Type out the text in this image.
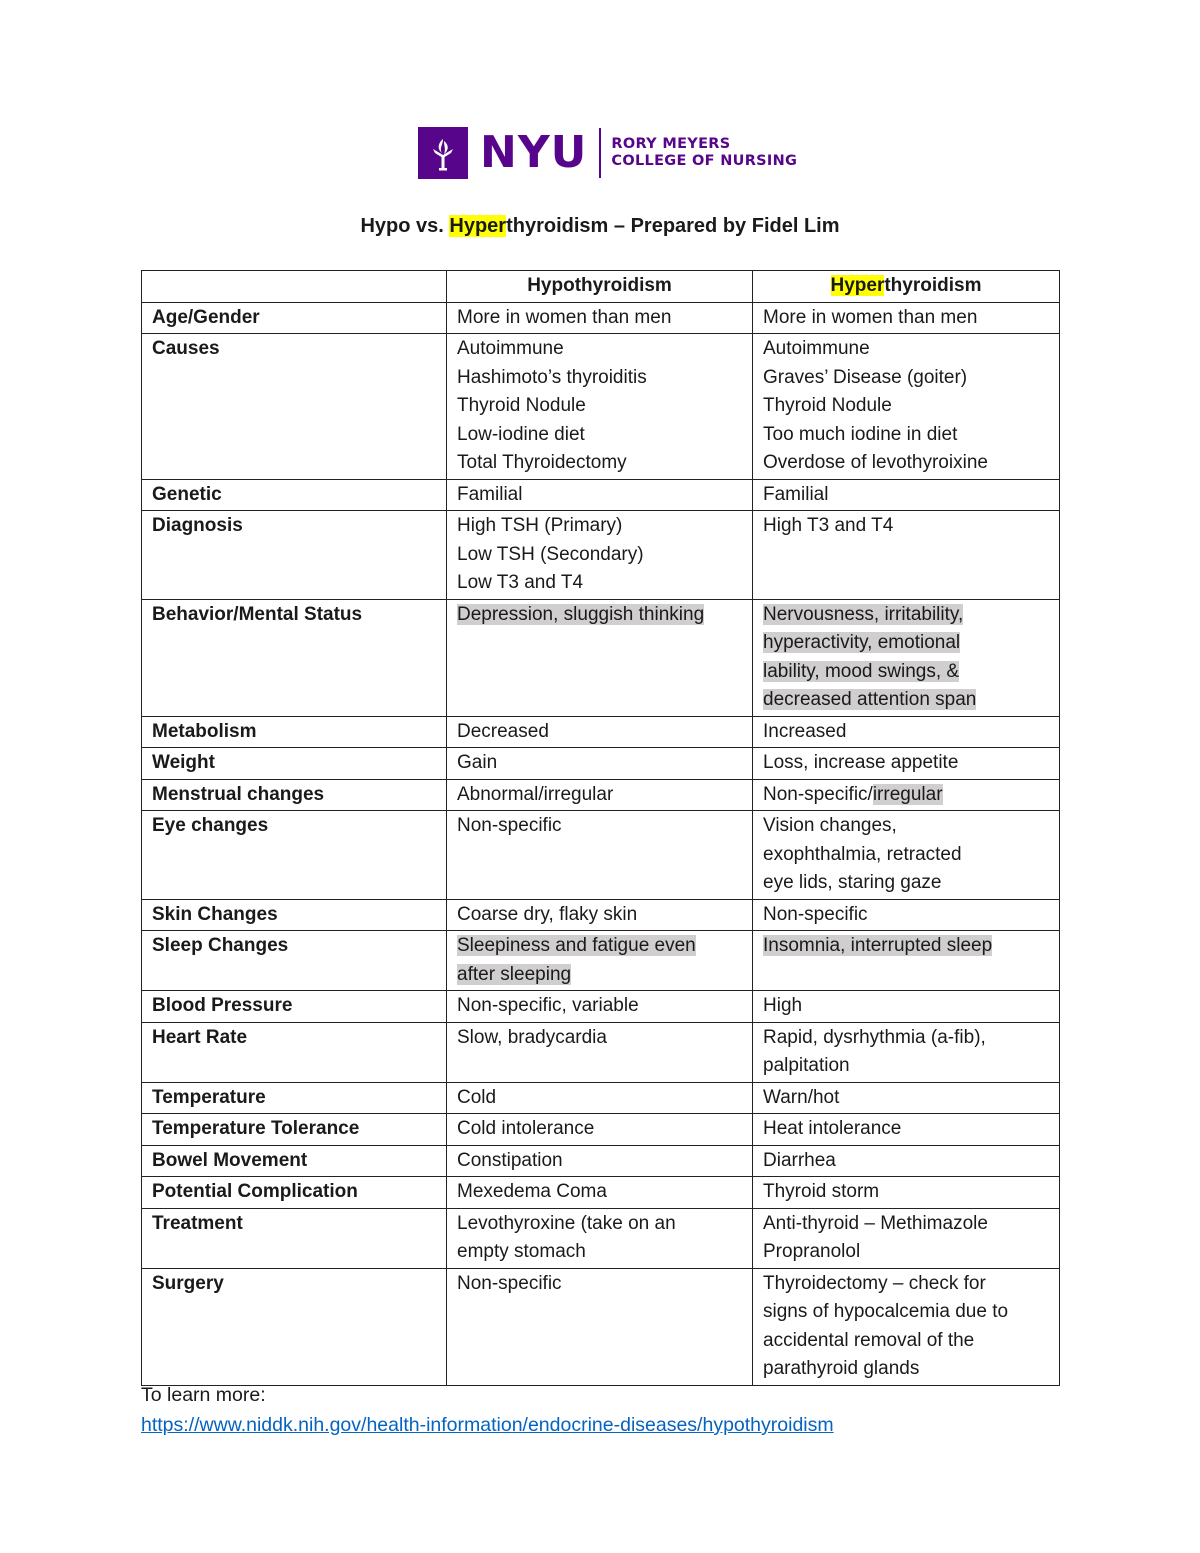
NYU RORY MEYERS
COLLEGE OF NURSING
Hypo vs. Hyperthyroidism – Prepared by Fidel Lim
	Hypothyroidism	Hyperthyroidism
Age/Gender	More in women than men	More in women than men

Causes	Autoimmune
Hashimoto’s thyroiditis
Thyroid Nodule
Low-iodine diet
Total Thyroidectomy	Autoimmune
Graves’ Disease (goiter)
Thyroid Nodule
Too much iodine in diet
Overdose of levothyroixine

Genetic	Familial	Familial

Diagnosis	High TSH (Primary)
Low TSH (Secondary)
Low T3 and T4	High T3 and T4

Behavior/Mental Status	Depression, sluggish thinking	Nervousness, irritability,
hyperactivity, emotional
lability, mood swings, &
decreased attention span
Metabolism	Decreased	Increased

Weight	Gain	Loss, increase appetite

Menstrual changes	Abnormal/irregular	Non-specific/irregular
Eye changes	Non-specific	Vision changes,
exophthalmia, retracted
eye lids, staring gaze

Skin Changes	Coarse dry, flaky skin	Non-specific

Sleep Changes	Sleepiness and fatigue even
after sleeping	Insomnia, interrupted sleep
Blood Pressure	Non-specific, variable	High

Heart Rate	Slow, bradycardia	Rapid, dysrhythmia (a-fib),
palpitation

Temperature	Cold	Warn/hot

Temperature Tolerance	Cold intolerance	Heat intolerance

Bowel Movement	Constipation	Diarrhea

Potential Complication	Mexedema Coma	Thyroid storm

Treatment	Levothyroxine (take on an
empty stomach	Anti-thyroid – Methimazole
Propranolol

Surgery	Non-specific	Thyroidectomy – check for
signs of hypocalcemia due to
accidental removal of the
parathyroid glands
To learn more:
https://www.niddk.nih.gov/health-information/endocrine-diseases/hypothyroidism
